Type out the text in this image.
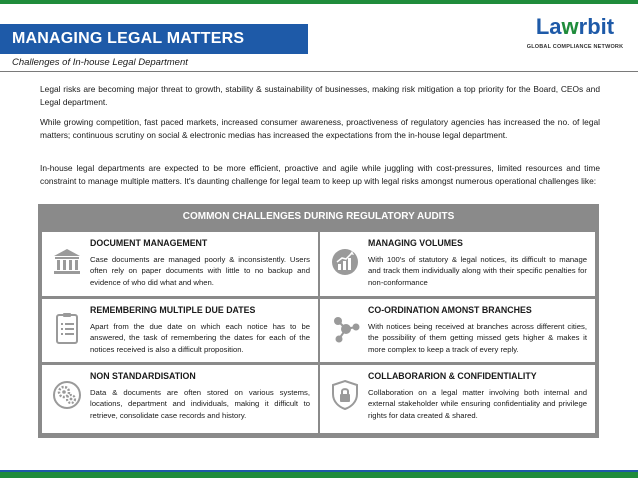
MANAGING LEGAL MATTERS
Challenges of In-house Legal Department
Lawrbit
GLOBAL COMPLIANCE NETWORK

Legal risks are becoming major threat to growth, stability & sustainability of businesses, making risk mitigation a top priority for the Board, CEOs and Legal department.

While growing competition, fast paced markets, increased consumer awareness, proactiveness of regulatory agencies has increased the no. of legal matters; continuous scrutiny on social & electronic medias has increased the expectations from the in-house legal department.

In-house legal departments are expected to be more efficient, proactive and agile while juggling with cost-pressures, limited resources and time constraint to manage multiple matters. It's daunting challenge for legal team to keep up with legal risks amongst numerous operational challenges like:

COMMON CHALLENGES DURING REGULATORY AUDITS
DOCUMENT MANAGEMENT
Case documents are managed poorly & inconsistently. Users often rely on paper documents with little to no backup and evidence of who did what and when.
MANAGING VOLUMES
With 100's of statutory & legal notices, its difficult to manage and track them individually along with their specific penalties for non-conformance
REMEMBERING MULTIPLE DUE DATES
Apart from the due date on which each notice has to be answered, the task of remembering the dates for each of the notices received is also a difficult proposition.
CO-ORDINATION AMONST BRANCHES
With notices being received at branches across different cities, the possibility of them getting missed gets higher & makes it more complex to keep a track of every reply.
NON STANDARDISATION
Data & documents are often stored on various systems, locations, department and individuals, making it difficult to retrieve, consolidate case records and history.
COLLABORARION & CONFIDENTIALITY
Collaboration on a legal matter involving both internal and external stakeholder while ensuring confidentiality and privilege rights for data created & shared.
